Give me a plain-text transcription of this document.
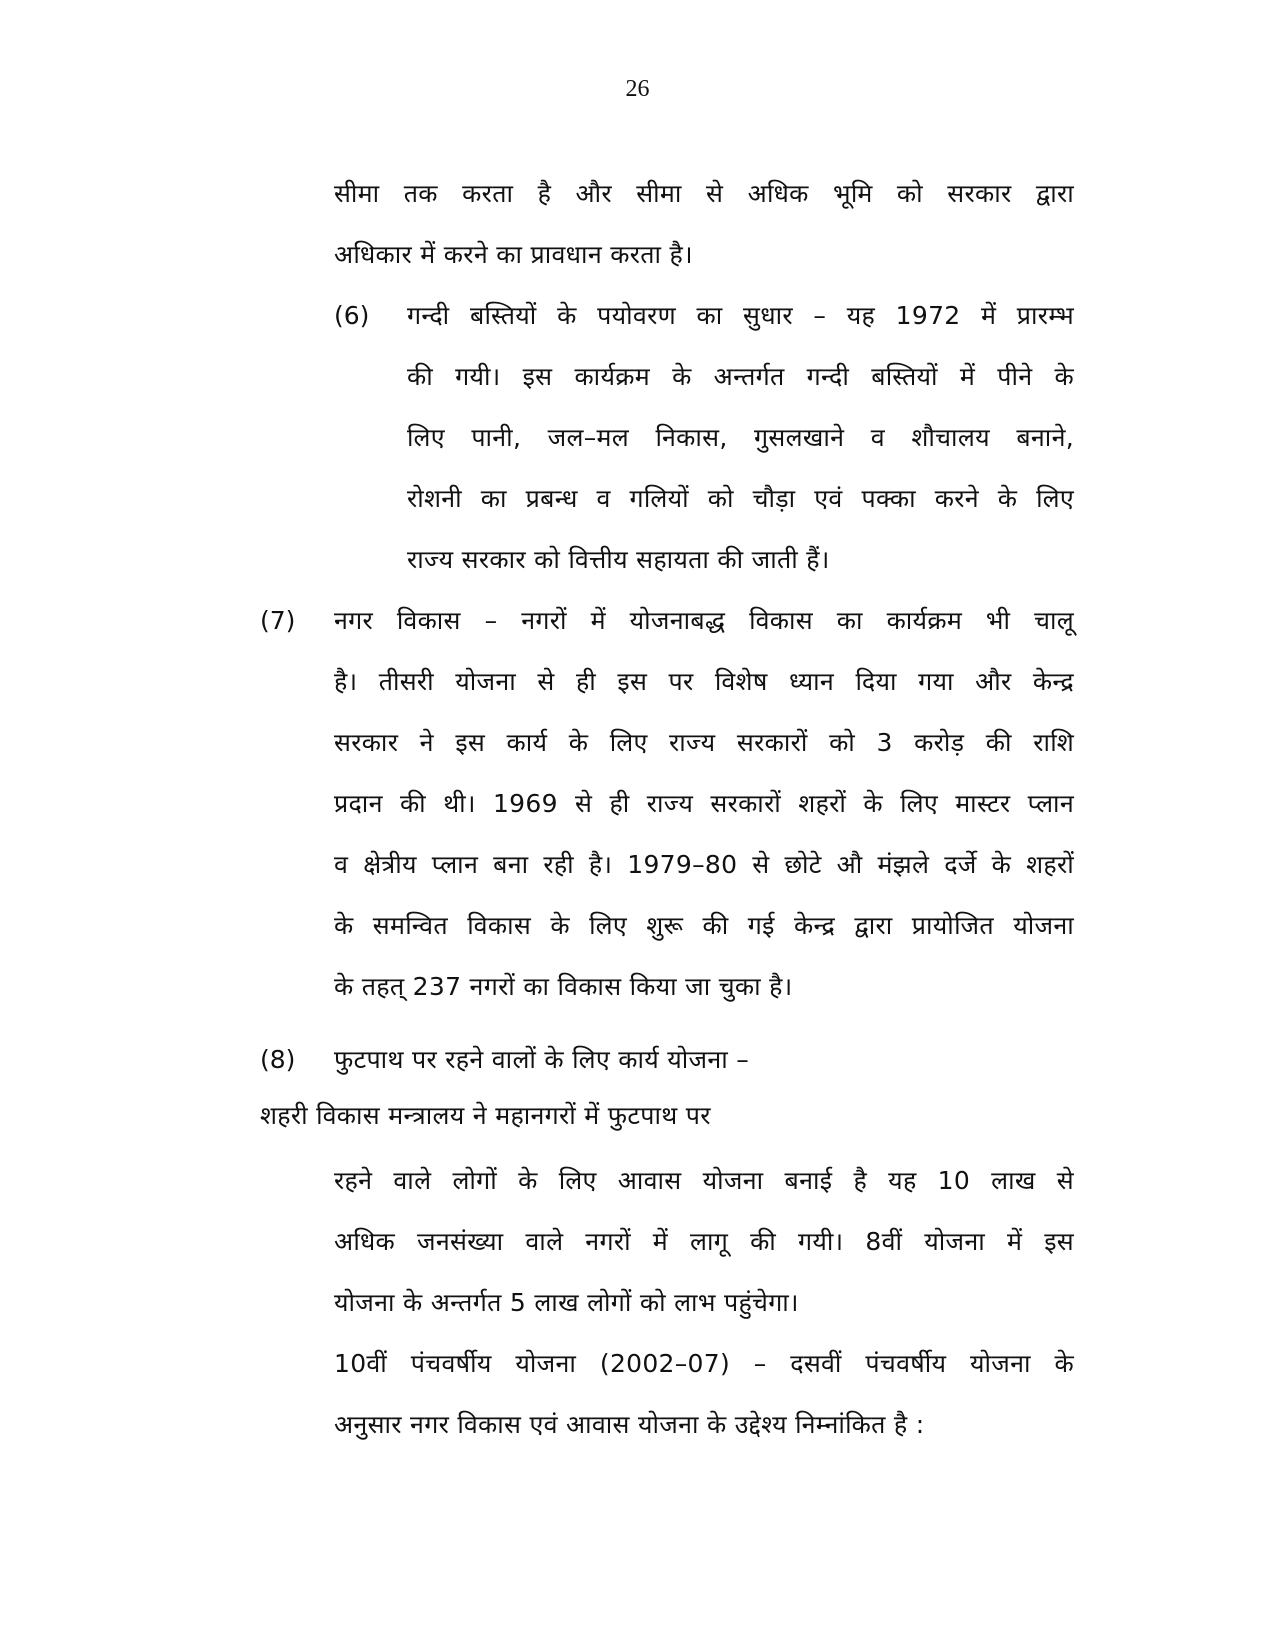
26
सीमा तक करता है और सीमा से अधिक भूमि को सरकार द्वारा
अधिकार में करने का प्रावधान करता है।
(6) गन्दी बस्तियों के पयोवरण का सुधार – यह 1972 में प्रारम्भ
की गयी। इस कार्यक्रम के अन्तर्गत गन्दी बस्तियों में पीने के
लिए पानी, जल–मल निकास, गुसलखाने व शौचालय बनाने,
रोशनी का प्रबन्ध व गलियों को चौड़ा एवं पक्का करने के लिए
राज्य सरकार को वित्तीय सहायता की जाती हैं।
(7) नगर विकास – नगरों में योजनाबद्ध विकास का कार्यक्रम भी चालू
है। तीसरी योजना से ही इस पर विशेष ध्यान दिया गया और केन्द्र
सरकार ने इस कार्य के लिए राज्य सरकारों को 3 करोड़ की राशि
प्रदान की थी। 1969 से ही राज्य सरकारों शहरों के लिए मास्टर प्लान
व क्षेत्रीय प्लान बना रही है। 1979–80 से छोटे औ मंझले दर्जे के शहरों
के समन्वित विकास के लिए शुरू की गई केन्द्र द्वारा प्रायोजित योजना
के तहत् 237 नगरों का विकास किया जा चुका है।
(8) फुटपाथ पर रहने वालों के लिए कार्य योजना –
शहरी विकास मन्त्रालय ने महानगरों में फुटपाथ पर
रहने वाले लोगों के लिए आवास योजना बनाई है यह 10 लाख से
अधिक जनसंख्या वाले नगरों में लागू की गयी। 8वीं योजना में इस
योजना के अन्तर्गत 5 लाख लोगों को लाभ पहुंचेगा।
10वीं पंचवर्षीय योजना (2002–07) – दसवीं पंचवर्षीय योजना के
अनुसार नगर विकास एवं आवास योजना के उद्देश्य निम्नांकित है :
